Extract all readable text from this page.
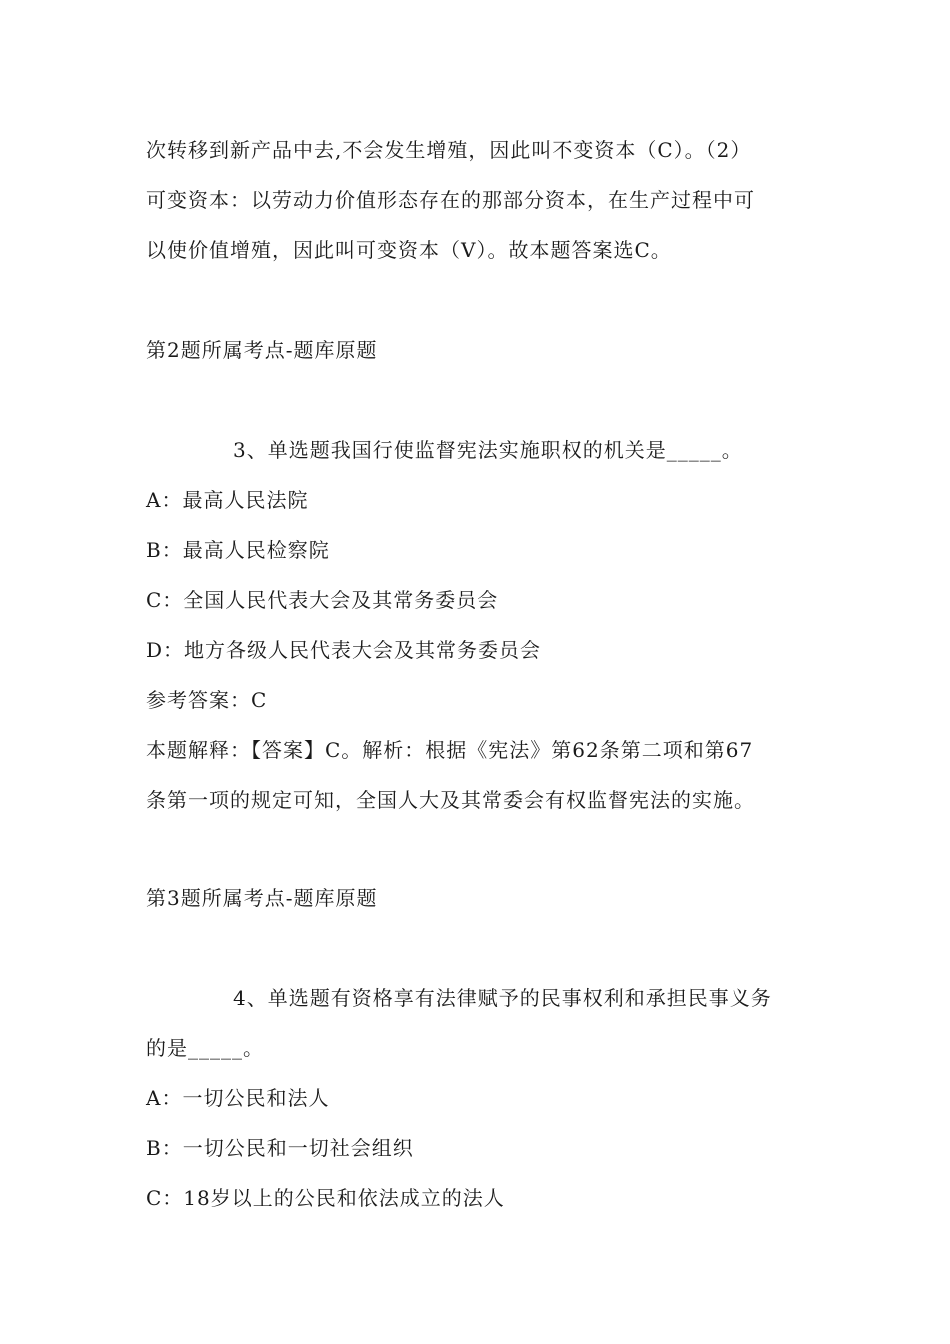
次转移到新产品中去,不会发生增殖，因此叫不变资本（C）。（2）
可变资本：以劳动力价值形态存在的那部分资本，在生产过程中可
以使价值增殖，因此叫可变资本（V）。故本题答案选C。
第2题所属考点-题库原题
3、单选题我国行使监督宪法实施职权的机关是_____。
A：最高人民法院
B：最高人民检察院
C：全国人民代表大会及其常务委员会
D：地方各级人民代表大会及其常务委员会
参考答案：C
本题解释：【答案】C。解析：根据《宪法》第62条第二项和第67
条第一项的规定可知，全国人大及其常委会有权监督宪法的实施。
第3题所属考点-题库原题
4、单选题有资格享有法律赋予的民事权利和承担民事义务
的是_____。
A：一切公民和法人
B：一切公民和一切社会组织
C：18岁以上的公民和依法成立的法人
